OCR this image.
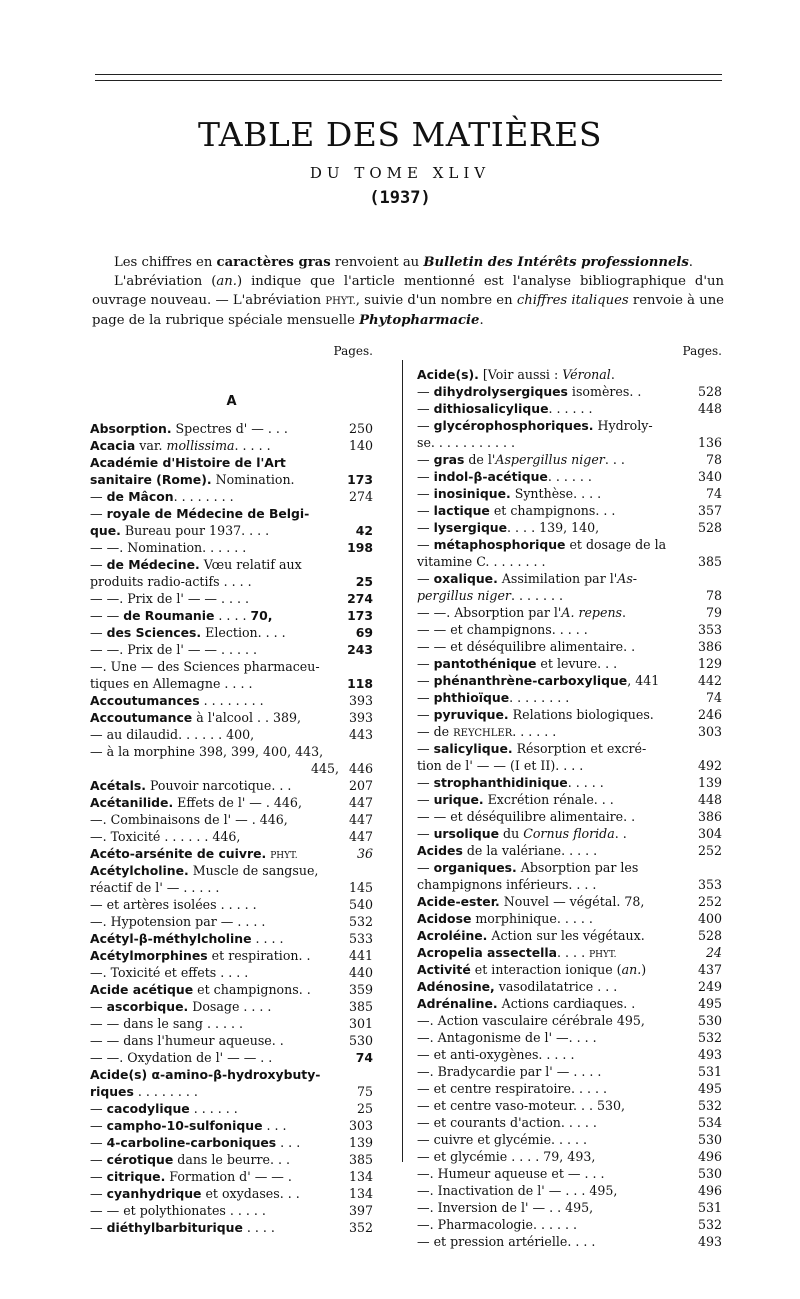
TABLE DES MATIÈRES
DU TOME XLIV
(1937)

Les chiffres en caractères gras renvoient au Bulletin des Intérêts professionnels.

L'abréviation (an.) indique que l'article mentionné est l'analyse bibliographique d'un ouvrage nouveau. — L'abréviation PHYT., suivie d'un nombre en chiffres italiques renvoie à une page de la rubrique spéciale mensuelle Phytopharmacie.

Pages.
A
Absorption. Spectres d' — . . .	250
Acacia var. mollissima. . . . .	140
Académie d'Histoire de l'Art
sanitaire (Rome). Nomination.	173
— de Mâcon. . . . . . . .	274
— royale de Médecine de Belgi-
que. Bureau pour 1937. . . .	42
— —. Nomination. . . . . .	198
— de Médecine. Vœu relatif aux
produits radio-actifs . . . .	25
— —. Prix de l' — — . . . .	274
— — de Roumanie . . . . 70,	173
— des Sciences. Election. . . .	69
— —. Prix de l' — — . . . . .	243
—. Une — des Sciences pharmaceu-
tiques en Allemagne . . . .	118
Accoutumances . . . . . . . .	393
Accoutumance à l'alcool . . 389,	393
— au dilaudid. . . . . . 400,	443
— à la morphine 398, 399, 400, 443,
445, 446
Acétals. Pouvoir narcotique. . .	207
Acétanilide. Effets de l' — . 446,	447
—. Combinaisons de l' — . 446,	447
—. Toxicité . . . . . . 446,	447
Acéto-arsénite de cuivre. PHYT.	36
Acétylcholine. Muscle de sangsue,
réactif de l' — . . . . .	145
— et artères isolées . . . . .	540
—. Hypotension par — . . . .	532
Acétyl-β-méthylcholine . . . .	533
Acétylmorphines et respiration. .	441
—. Toxicité et effets . . . .	440
Acide acétique et champignons. .	359
— ascorbique. Dosage . . . .	385
— — dans le sang . . . . .	301
— — dans l'humeur aqueuse. .	530
— —. Oxydation de l' — — . .	74
Acide(s) α-amino-β-hydroxybuty-
riques . . . . . . . .	75
— cacodylique . . . . . .	25
— campho-10-sulfonique . . .	303
— 4-carboline-carboniques . . .	139
— cérotique dans le beurre. . .	385
— citrique. Formation d' — — .	134
— cyanhydrique et oxydases. . .	134
— — et polythionates . . . . .	397
— diéthylbarbiturique . . . .	352
Pages.
Acide(s). [Voir aussi : Véronal.
— dihydrolysergiques isomères. .	528
— dithiosalicylique. . . . . .	448
— glycérophosphoriques. Hydroly-
se. . . . . . . . . . .	136
— gras de l'Aspergillus niger. . .	78
— indol-β-acétique. . . . . .	340
— inosinique. Synthèse. . . .	74
— lactique et champignons. . .	357
— lysergique. . . . 139, 140,	528
— métaphosphorique et dosage de la
vitamine C. . . . . . . .	385
— oxalique. Assimilation par l'As-
pergillus niger. . . . . . .	78
— —. Absorption par l'A. repens.	79
— — et champignons. . . . .	353
— — et déséquilibre alimentaire. .	386
— pantothénique et levure. . .	129
— phénanthrène-carboxylique, 441	442
— phthioïque. . . . . . . .	74
— pyruvique. Relations biologiques.	246
— de REYCHLER. . . . . .	303
— salicylique. Résorption et excré-
tion de l' — — (I et II). . . .	492
— strophanthidinique. . . . .	139
— urique. Excrétion rénale. . .	448
— — et déséquilibre alimentaire. .	386
— ursolique du Cornus florida. .	304
Acides de la valériane. . . . .	252
— organiques. Absorption par les
champignons inférieurs. . . .	353
Acide-ester. Nouvel — végétal. 78,	252
Acidose morphinique. . . . .	400
Acroléine. Action sur les végétaux.	528
Acropelia assectella. . . . PHYT.	24
Activité et interaction ionique (an.)	437
Adénosine, vasodilatatrice . . .	249
Adrénaline. Actions cardiaques. .	495
—. Action vasculaire cérébrale 495,	530
—. Antagonisme de l' —. . . .	532
— et anti-oxygènes. . . . .	493
—. Bradycardie par l' — . . . .	531
— et centre respiratoire. . . . .	495
— et centre vaso-moteur. . . 530,	532
— et courants d'action. . . . .	534
— cuivre et glycémie. . . . .	530
— et glycémie . . . . 79, 493,	496
—. Humeur aqueuse et — . . .	530
—. Inactivation de l' — . . . 495,	496
—. Inversion de l' — . . 495,	531
—. Pharmacologie. . . . . .	532
— et pression artérielle. . . .	493
